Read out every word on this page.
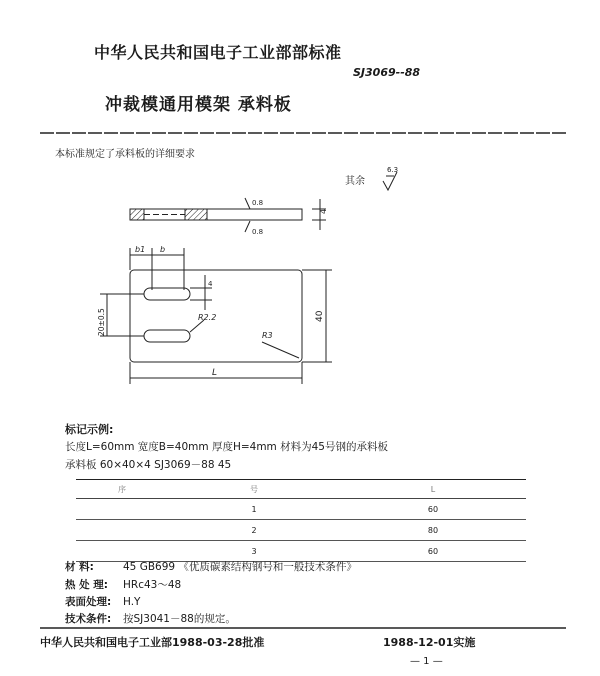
中华人民共和国电子工业部部标准
SJ3069--88
冲裁模通用模架 承料板
6.3
0.8
0.8
4
b1 b
20±0.5
4
R2.2
R3
40
L
本标准规定了承料板的详细要求
其余
标记示例:
长度L=60mm 宽度B=40mm 厚度H=4mm 材料为45号钢的承料板
承料板 60×40×4 SJ3069－88 45
序	号	L
	1	60
	2	80
	3	60
材 料:	45 GB699 《优质碳素结构钢号和一般技术条件》
热 处 理: HRc43～48
表面处理: H.Y
技术条件: 按SJ3041－88的规定。
中华人民共和国电子工业部1988-03-28批准	1988-12-01实施
— 1 —
